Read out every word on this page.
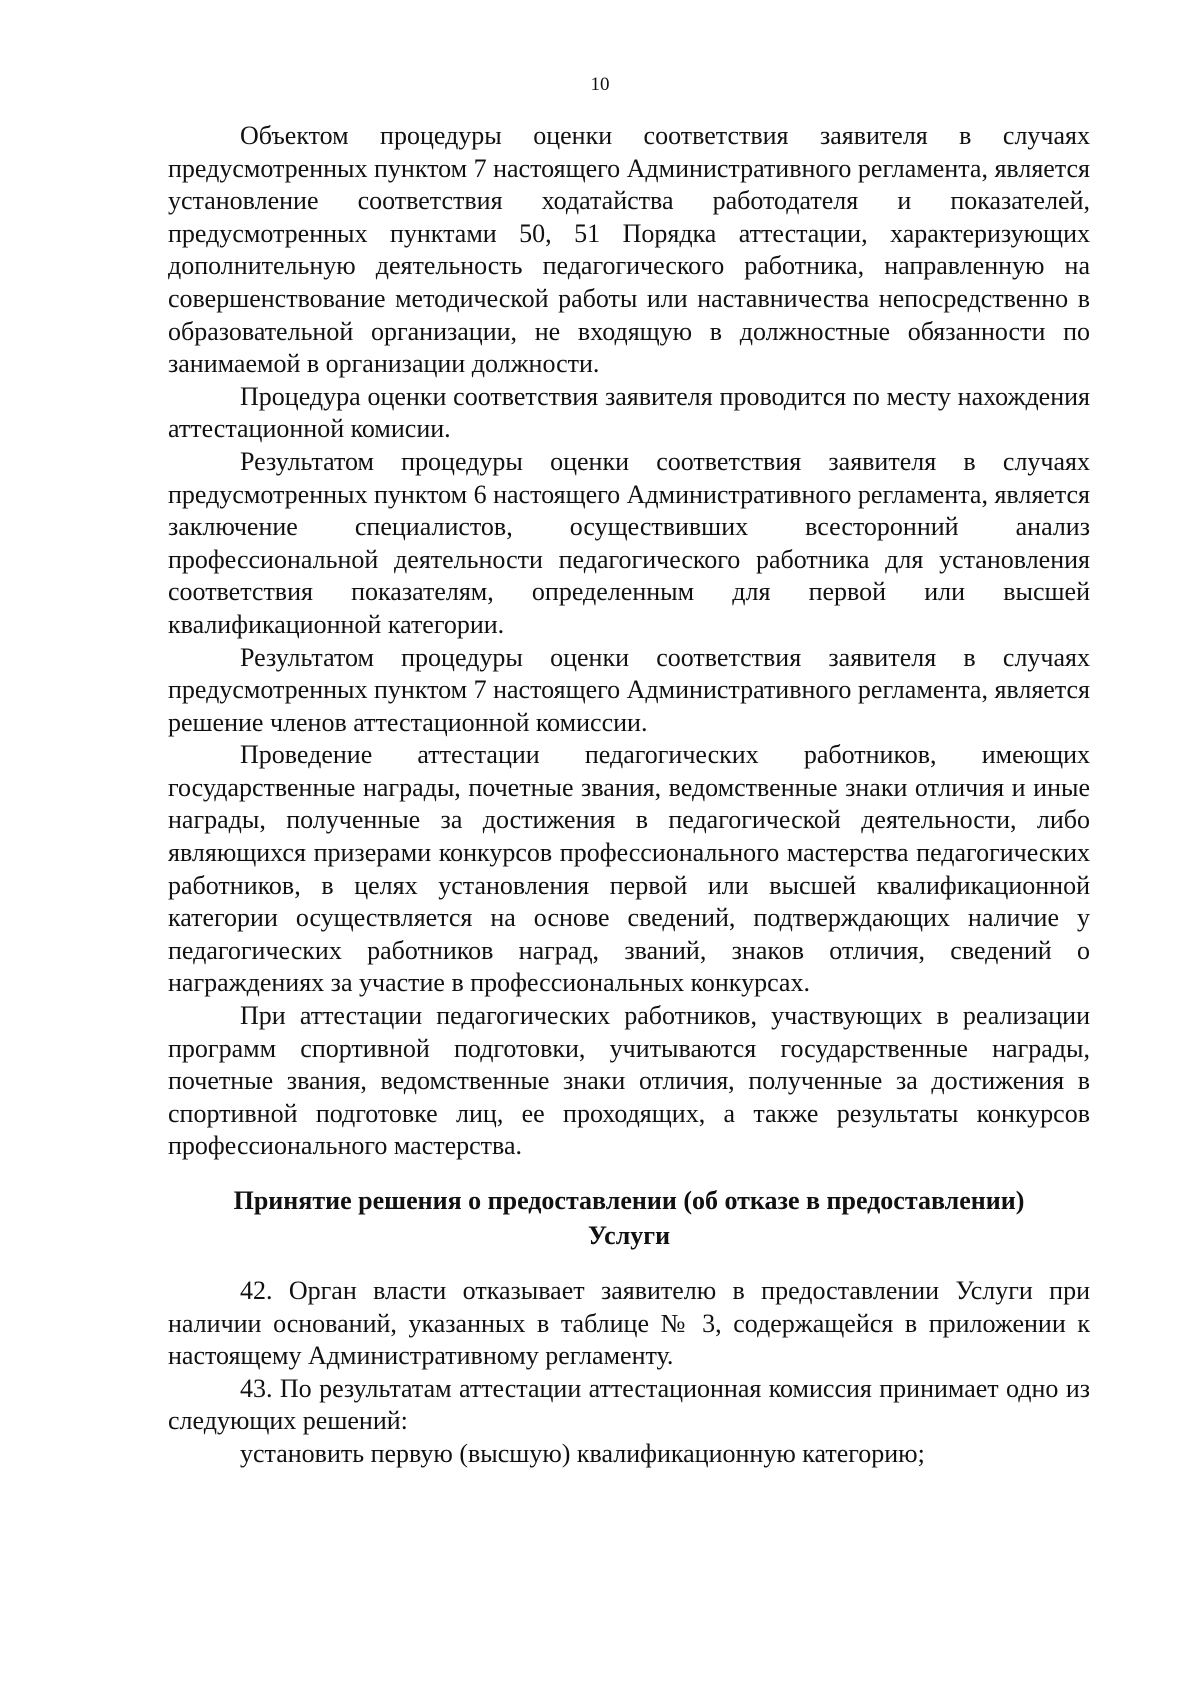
10

Объектом процедуры оценки соответствия заявителя в случаях предусмотренных пунктом 7 настоящего Административного регламента, является установление соответствия ходатайства работодателя и показателей, предусмотренных пунктами 50, 51 Порядка аттестации, характеризующих дополнительную деятельность педагогического работника, направленную на совершенствование методической работы или наставничества непосредственно в образовательной организации, не входящую в должностные обязанности по занимаемой в организации должности.

Процедура оценки соответствия заявителя проводится по месту нахождения аттестационной комисии.

Результатом процедуры оценки соответствия заявителя в случаях предусмотренных пунктом 6 настоящего Административного регламента, является заключение специалистов, осуществивших всесторонний анализ профессиональной деятельности педагогического работника для установления соответствия показателям, определенным для первой или высшей квалификационной категории.

Результатом процедуры оценки соответствия заявителя в случаях предусмотренных пунктом 7 настоящего Административного регламента, является решение членов аттестационной комиссии.

Проведение аттестации педагогических работников, имеющих государственные награды, почетные звания, ведомственные знаки отличия и иные награды, полученные за достижения в педагогической деятельности, либо являющихся призерами конкурсов профессионального мастерства педагогических работников, в целях установления первой или высшей квалификационной категории осуществляется на основе сведений, подтверждающих наличие у педагогических работников наград, званий, знаков отличия, сведений о награждениях за участие в профессиональных конкурсах.

При аттестации педагогических работников, участвующих в реализации программ спортивной подготовки, учитываются государственные награды, почетные звания, ведомственные знаки отличия, полученные за достижения в спортивной подготовке лиц, ее проходящих, а также результаты конкурсов профессионального мастерства.

Принятие решения о предоставлении (об отказе в предоставлении)
Услуги

42. Орган власти отказывает заявителю в предоставлении Услуги при наличии оснований, указанных в таблице № 3, содержащейся в приложении к настоящему Административному регламенту.

43. По результатам аттестации аттестационная комиссия принимает одно из следующих решений:

установить первую (высшую) квалификационную категорию;
